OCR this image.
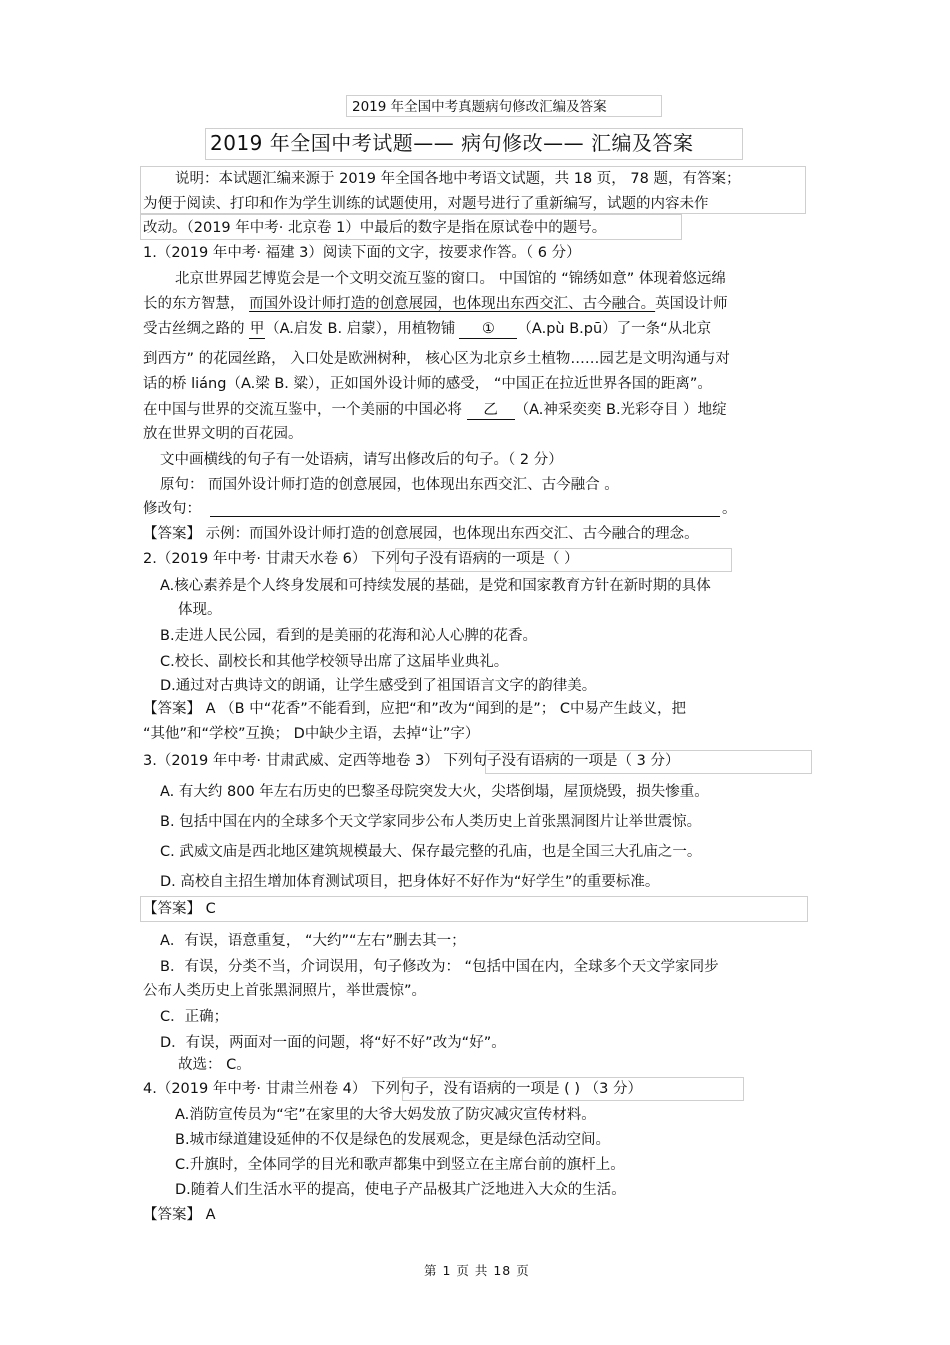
2019 年全国中考真题病句修改汇编及答案
2019 年全国中考试题—— 病句修改—— 汇编及答案
说明：本试题汇编来源于 2019 年全国各地中考语文试题，共 18 页， 78 题，有答案；
为便于阅读、打印和作为学生训练的试题使用，对题号进行了重新编写，试题的内容未作
改动。（2019 年中考· 北京卷 1）中最后的数字是指在原试卷中的题号。
1.（2019 年中考· 福建 3）阅读下面的文字，按要求作答。（ 6 分）
北京世界园艺博览会是一个文明交流互鉴的窗口。 中国馆的 “锦绣如意” 体现着悠远绵
长的东方智慧， 而国外设计师打造的创意展园，也体现出东西交汇、古今融合。英国设计师
受古丝绸之路的 甲（A.启发 B. 启蒙），用植物铺 ① （A.pù B.pū）了一条“从北京
到西方” 的花园丝路， 入口处是欧洲树种， 核心区为北京乡土植物……园艺是文明沟通与对
话的桥 liáng（A.梁 B. 粱），正如国外设计师的感受， “中国正在拉近世界各国的距离”。
在中国与世界的交流互鉴中，一个美丽的中国必将 乙 （A.神采奕奕 B.光彩夺目 ）地绽
放在世界文明的百花园。
文中画横线的句子有一处语病，请写出修改后的句子。（ 2 分）
原句： 而国外设计师打造的创意展园，也体现出东西交汇、古今融合 。
修改句：	。
【答案】 示例：而国外设计师打造的创意展园，也体现出东西交汇、古今融合的理念。
2.（2019 年中考· 甘肃天水卷 6） 下列句子没有语病的一项是（ ）
A.核心素养是个人终身发展和可持续发展的基础，是党和国家教育方针在新时期的具体
体现。
B.走进人民公园，看到的是美丽的花海和沁人心脾的花香。
C.校长、副校长和其他学校领导出席了这届毕业典礼。
D.通过对古典诗文的朗诵，让学生感受到了祖国语言文字的韵律美。
【答案】 A （B 中“花香”不能看到，应把“和”改为“闻到的是”； C中易产生歧义，把
“其他”和“学校”互换； D中缺少主语，去掉“让”字）
3.（2019 年中考· 甘肃武威、定西等地卷 3） 下列句子没有语病的一项是（ 3 分）
A. 有大约 800 年左右历史的巴黎圣母院突发大火，尖塔倒塌，屋顶烧毁，损失惨重。
B. 包括中国在内的全球多个天文学家同步公布人类历史上首张黑洞图片让举世震惊。
C. 武威文庙是西北地区建筑规模最大、保存最完整的孔庙，也是全国三大孔庙之一。
D. 高校自主招生增加体育测试项目，把身体好不好作为“好学生”的重要标准。
【答案】 C
A．有误，语意重复， “大约”“左右”删去其一；
B．有误，分类不当，介词误用，句子修改为： “包括中国在内，全球多个天文学家同步
公布人类历史上首张黑洞照片，举世震惊”。
C．正确；
D．有误，两面对一面的问题，将“好不好”改为“好”。
故选： C。
4.（2019 年中考· 甘肃兰州卷 4） 下列句子，没有语病的一项是 ( ) （3 分）
A.消防宣传员为“宅”在家里的大爷大妈发放了防灾减灾宣传材料。
B.城市绿道建设延伸的不仅是绿色的发展观念，更是绿色活动空间。
C.升旗时，全体同学的目光和歌声都集中到竖立在主席台前的旗杆上。
D.随着人们生活水平的提高，使电子产品极其广泛地进入大众的生活。
【答案】 A
第 1 页 共 18 页
